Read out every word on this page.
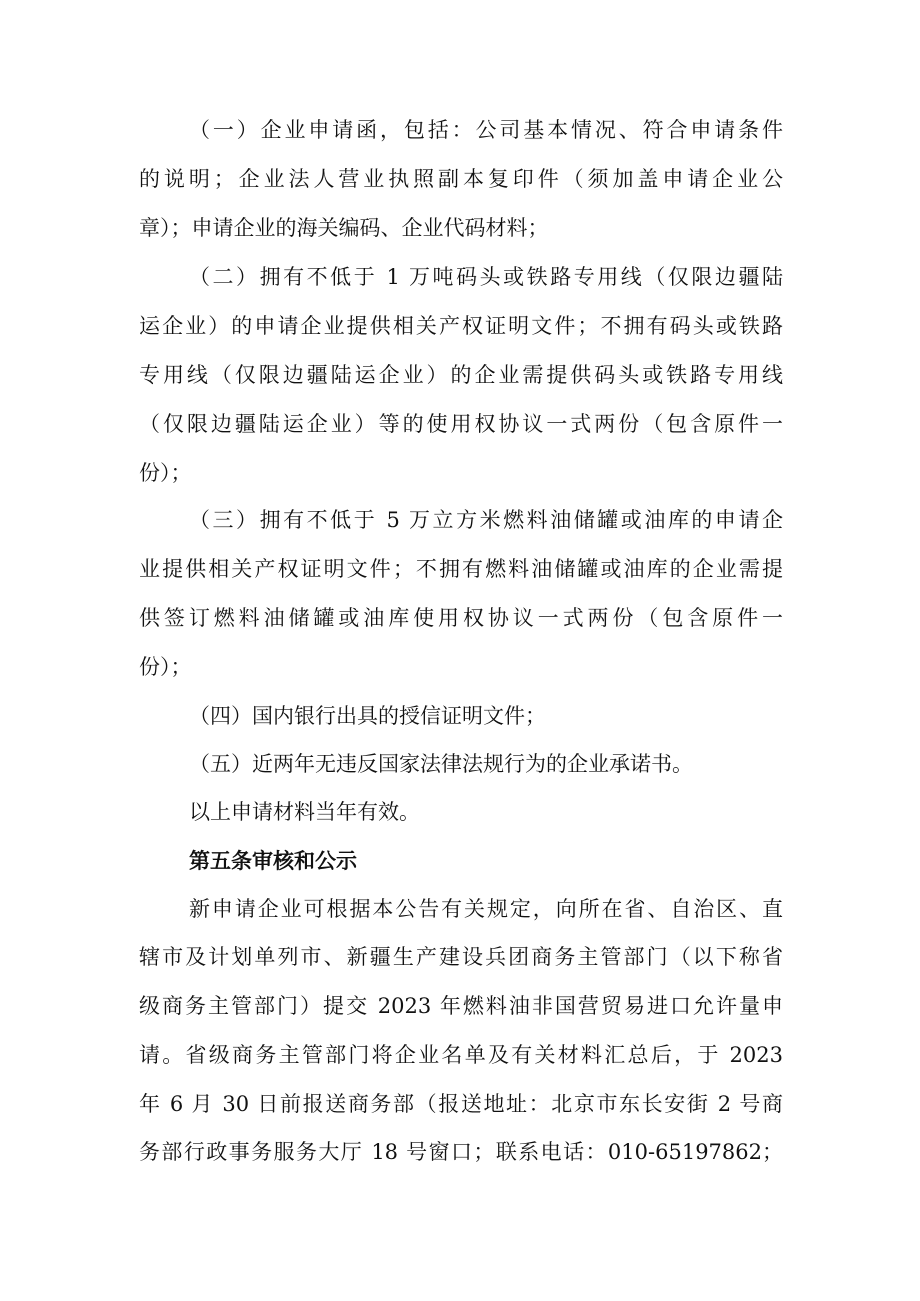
（一）企业申请函，包括：公司基本情况、符合申请条件
的说明；企业法人营业执照副本复印件（须加盖申请企业公
章）；申请企业的海关编码、企业代码材料；
（二）拥有不低于 1 万吨码头或铁路专用线（仅限边疆陆
运企业）的申请企业提供相关产权证明文件；不拥有码头或铁路
专用线（仅限边疆陆运企业）的企业需提供码头或铁路专用线
（仅限边疆陆运企业）等的使用权协议一式两份（包含原件一
份）；
（三）拥有不低于 5 万立方米燃料油储罐或油库的申请企
业提供相关产权证明文件；不拥有燃料油储罐或油库的企业需提
供签订燃料油储罐或油库使用权协议一式两份（包含原件一
份）；
（四）国内银行出具的授信证明文件；
（五）近两年无违反国家法律法规行为的企业承诺书。
以上申请材料当年有效。
第五条审核和公示
新申请企业可根据本公告有关规定，向所在省、自治区、直
辖市及计划单列市、新疆生产建设兵团商务主管部门（以下称省
级商务主管部门）提交 2023 年燃料油非国营贸易进口允许量申
请。省级商务主管部门将企业名单及有关材料汇总后，于 2023
年 6 月 30 日前报送商务部（报送地址：北京市东长安街 2 号商
务部行政事务服务大厅 18 号窗口；联系电话：010-65197862；
